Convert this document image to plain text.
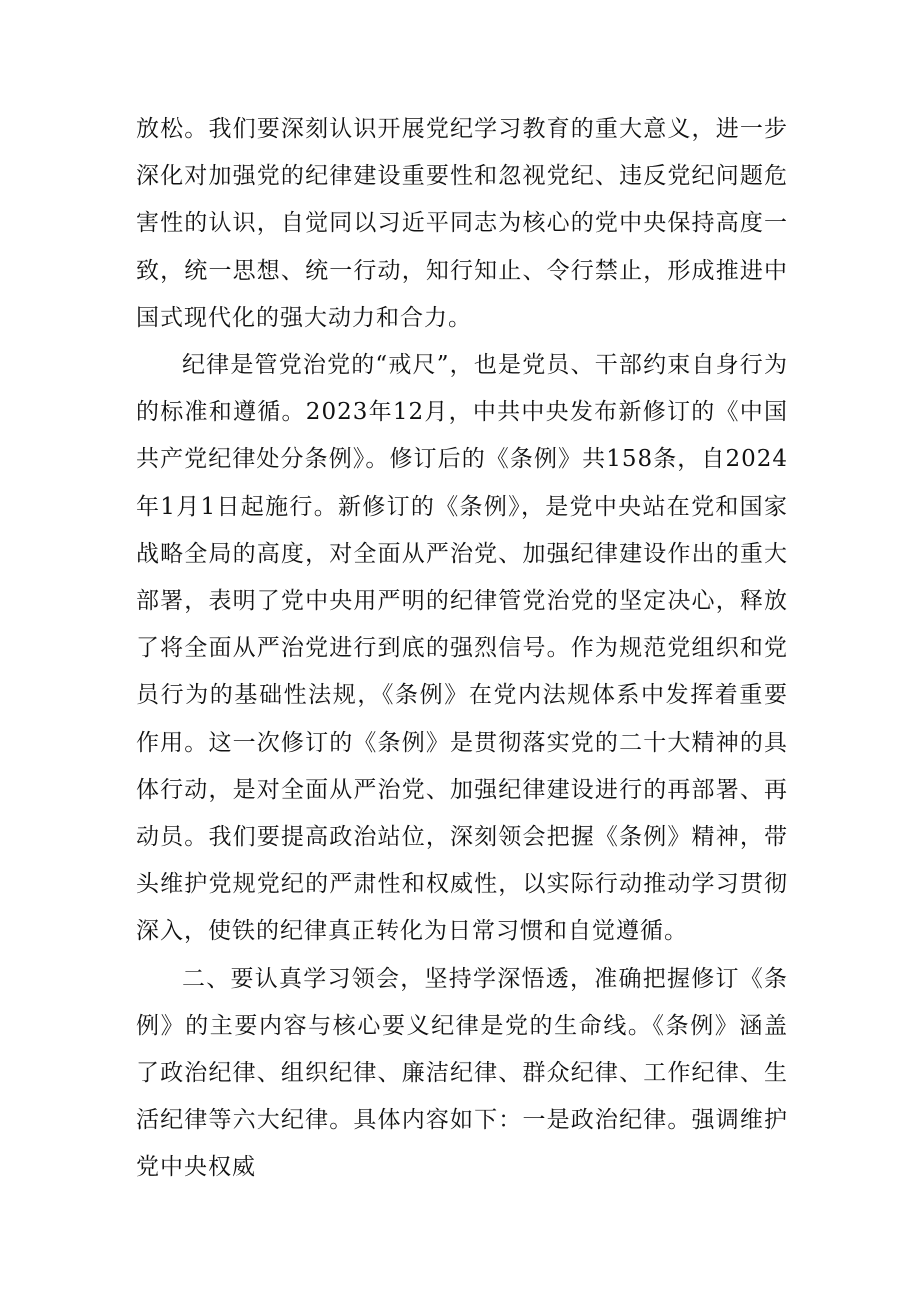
放松。我们要深刻认识开展党纪学习教育的重大意义，进一步深化对加强党的纪律建设重要性和忽视党纪、违反党纪问题危害性的认识，自觉同以习近平同志为核心的党中央保持高度一致，统一思想、统一行动，知行知止、令行禁止，形成推进中国式现代化的强大动力和合力。

纪律是管党治党的“戒尺”，也是党员、干部约束自身行为的标准和遵循。2023年12月，中共中央发布新修订的《中国共产党纪律处分条例》。修订后的《条例》共158条，自2024年1月1日起施行。新修订的《条例》，是党中央站在党和国家战略全局的高度，对全面从严治党、加强纪律建设作出的重大部署，表明了党中央用严明的纪律管党治党的坚定决心，释放了将全面从严治党进行到底的强烈信号。作为规范党组织和党员行为的基础性法规，《条例》在党内法规体系中发挥着重要作用。这一次修订的《条例》是贯彻落实党的二十大精神的具体行动，是对全面从严治党、加强纪律建设进行的再部署、再动员。我们要提高政治站位，深刻领会把握《条例》精神，带头维护党规党纪的严肃性和权威性，以实际行动推动学习贯彻深入，使铁的纪律真正转化为日常习惯和自觉遵循。

二、要认真学习领会，坚持学深悟透，准确把握修订《条例》的主要内容与核心要义纪律是党的生命线。《条例》涵盖了政治纪律、组织纪律、廉洁纪律、群众纪律、工作纪律、生活纪律等六大纪律。具体内容如下：一是政治纪律。强调维护党中央权威
